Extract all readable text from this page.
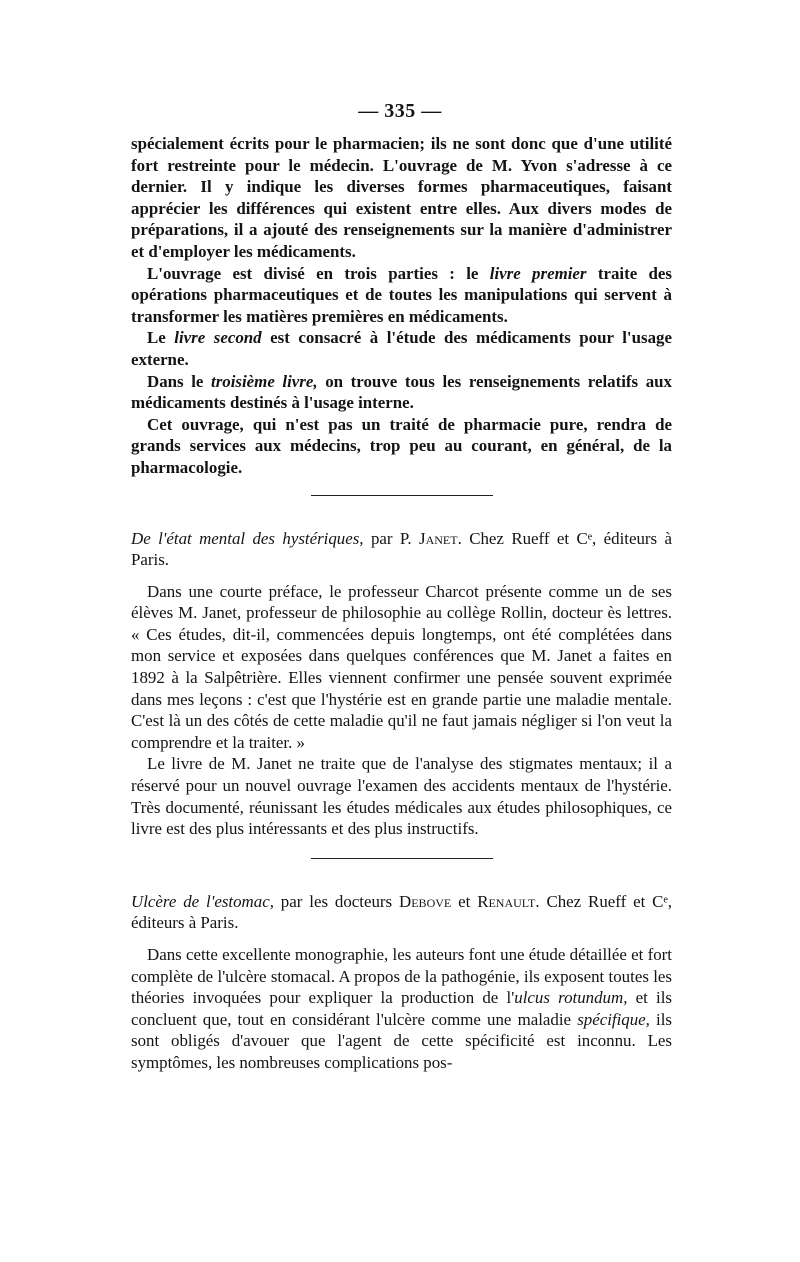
— 335 —

spécialement écrits pour le pharmacien; ils ne sont donc que d'une utilité fort restreinte pour le médecin. L'ouvrage de M. Yvon s'adresse à ce dernier. Il y indique les diverses formes pharmaceutiques, faisant apprécier les différences qui existent entre elles. Aux divers modes de préparations, il a ajouté des renseignements sur la manière d'administrer et d'employer les médicaments.

L'ouvrage est divisé en trois parties : le livre premier traite des opérations pharmaceutiques et de toutes les manipulations qui servent à transformer les matières premières en médicaments.

Le livre second est consacré à l'étude des médicaments pour l'usage externe.

Dans le troisième livre, on trouve tous les renseignements relatifs aux médicaments destinés à l'usage interne.

Cet ouvrage, qui n'est pas un traité de pharmacie pure, rendra de grands services aux médecins, trop peu au courant, en général, de la pharmacologie.

De l'état mental des hystériques, par P. Janet. Chez Rueff et Cᵉ, éditeurs à Paris.

Dans une courte préface, le professeur Charcot présente comme un de ses élèves M. Janet, professeur de philosophie au collège Rollin, docteur ès lettres. « Ces études, dit-il, commencées depuis longtemps, ont été complétées dans mon service et exposées dans quelques conférences que M. Janet a faites en 1892 à la Salpêtrière. Elles viennent confirmer une pensée souvent exprimée dans mes leçons : c'est que l'hystérie est en grande partie une maladie mentale. C'est là un des côtés de cette maladie qu'il ne faut jamais négliger si l'on veut la comprendre et la traiter. »

Le livre de M. Janet ne traite que de l'analyse des stigmates mentaux; il a réservé pour un nouvel ouvrage l'examen des accidents mentaux de l'hystérie. Très documenté, réunissant les études médicales aux études philosophiques, ce livre est des plus intéressants et des plus instructifs.

Ulcère de l'estomac, par les docteurs Debove et Renault. Chez Rueff et Cᵉ, éditeurs à Paris.

Dans cette excellente monographie, les auteurs font une étude détaillée et fort complète de l'ulcère stomacal. A propos de la pathogénie, ils exposent toutes les théories invoquées pour expliquer la production de l'ulcus rotundum, et ils concluent que, tout en considérant l'ulcère comme une maladie spécifique, ils sont obligés d'avouer que l'agent de cette spécificité est inconnu. Les symptômes, les nombreuses complications pos-
